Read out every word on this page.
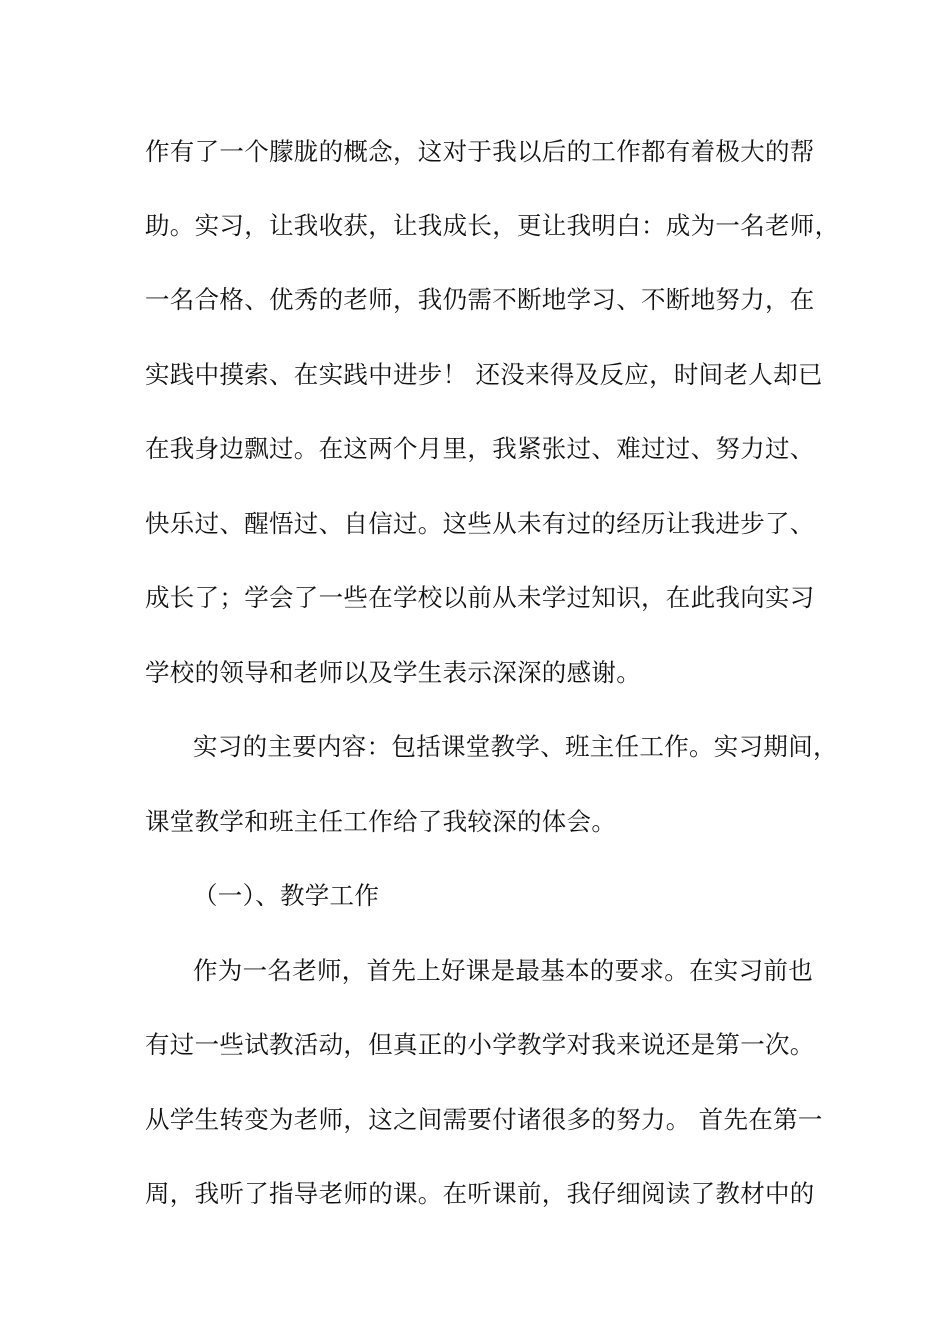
作有了一个朦胧的概念，这对于我以后的工作都有着极大的帮
助。实习，让我收获，让我成长，更让我明白：成为一名老师，
一名合格、优秀的老师，我仍需不断地学习、不断地努力，在
实践中摸索、在实践中进步！ 还没来得及反应，时间老人却已
在我身边飘过。在这两个月里，我紧张过、难过过、努力过、
快乐过、醒悟过、自信过。这些从未有过的经历让我进步了、
成长了；学会了一些在学校以前从未学过知识，在此我向实习
学校的领导和老师以及学生表示深深的感谢。
实习的主要内容：包括课堂教学、班主任工作。实习期间，
课堂教学和班主任工作给了我较深的体会。
（一）、教学工作
作为一名老师，首先上好课是最基本的要求。在实习前也
有过一些试教活动，但真正的小学教学对我来说还是第一次。
从学生转变为老师，这之间需要付诸很多的努力。 首先在第一
周，我听了指导老师的课。在听课前，我仔细阅读了教材中的
